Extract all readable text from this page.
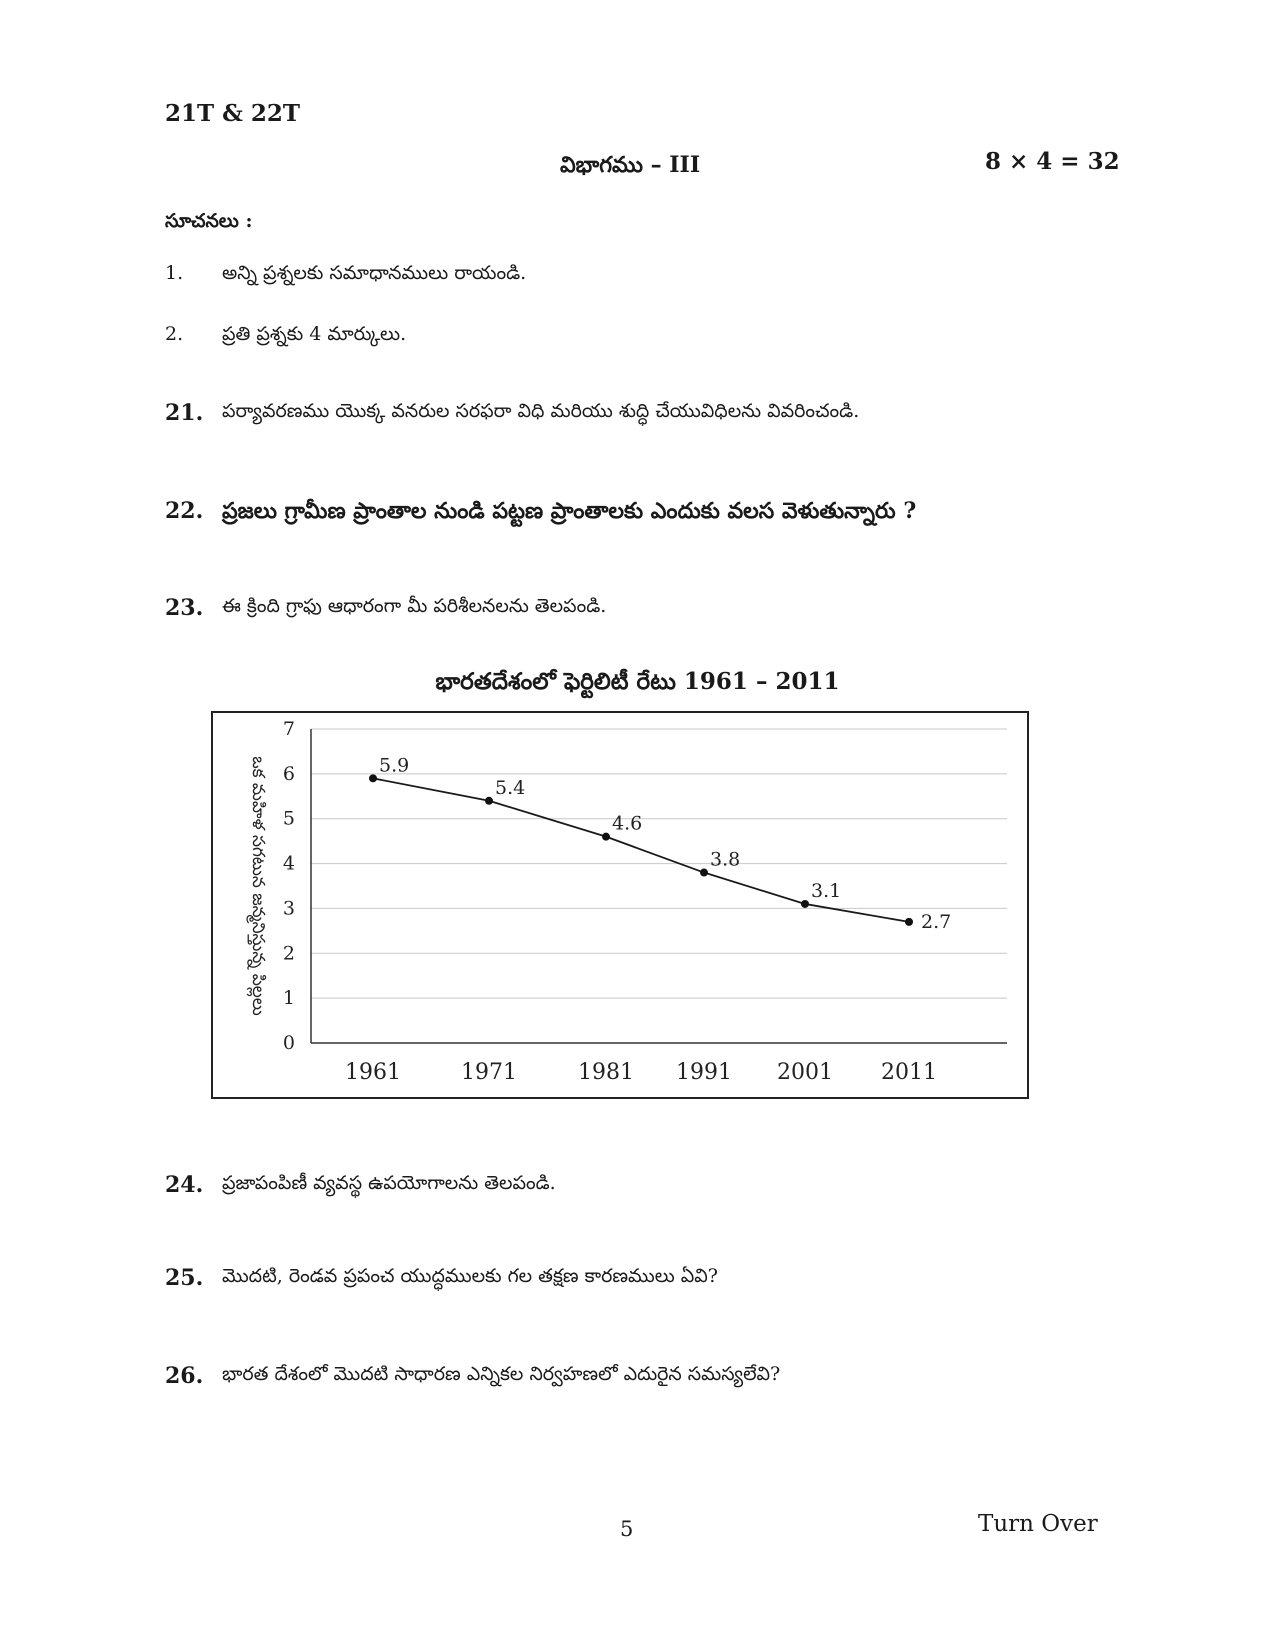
21T & 22T
విభాగము – III	8 × 4 = 32
సూచనలు :
1. అన్ని ప్రశ్నలకు సమాధానములు రాయండి.
2. ప్రతి ప్రశ్నకు 4 మార్కులు.
21. పర్యావరణము యొక్క వనరుల సరఫరా విధి మరియు శుద్ధి చేయువిధిలను వివరించండి.
22. ప్రజలు గ్రామీణ ప్రాంతాల నుండి పట్టణ ప్రాంతాలకు ఎందుకు వలస వెళుతున్నారు ?
23. ఈ క్రింది గ్రాఫు ఆధారంగా మీ పరిశీలనలను తెలపండి.
భారతదేశంలో ఫెర్టిలిటీ రేటు 1961 – 2011
0
1
2
3
4
5
6
7
1961	1971	1981 1991 2001 2011
5.9
5.4
4.6
3.8
3.1
2.7
ఒక మహిళ సగటున జన్మనిస్తున్న పిల్లలు
24. ప్రజాపంపిణీ వ్యవస్థ ఉపయోగాలను తెలపండి.
25. మొదటి, రెండవ ప్రపంచ యుద్ధములకు గల తక్షణ కారణములు ఏవి?
26. భారత దేశంలో మొదటి సాధారణ ఎన్నికల నిర్వహణలో ఎదురైన సమస్యలేవి?
5	Turn Over
